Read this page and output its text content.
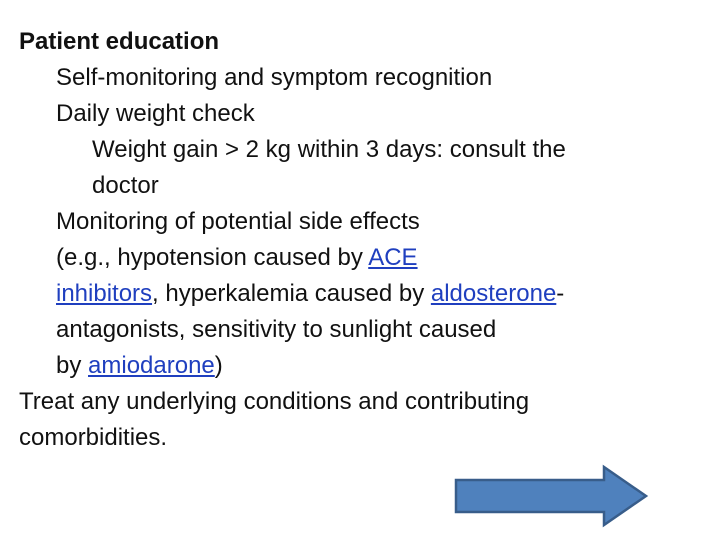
Patient education
Self-monitoring and symptom recognition
Daily weight check
Weight gain > 2 kg within 3 days: consult the
doctor
Monitoring of potential side effects
(e.g., hypotension caused by ACE
inhibitors, hyperkalemia caused by aldosterone-
antagonists, sensitivity to sunlight caused
by amiodarone)
Treat any underlying conditions and contributing
comorbidities.
